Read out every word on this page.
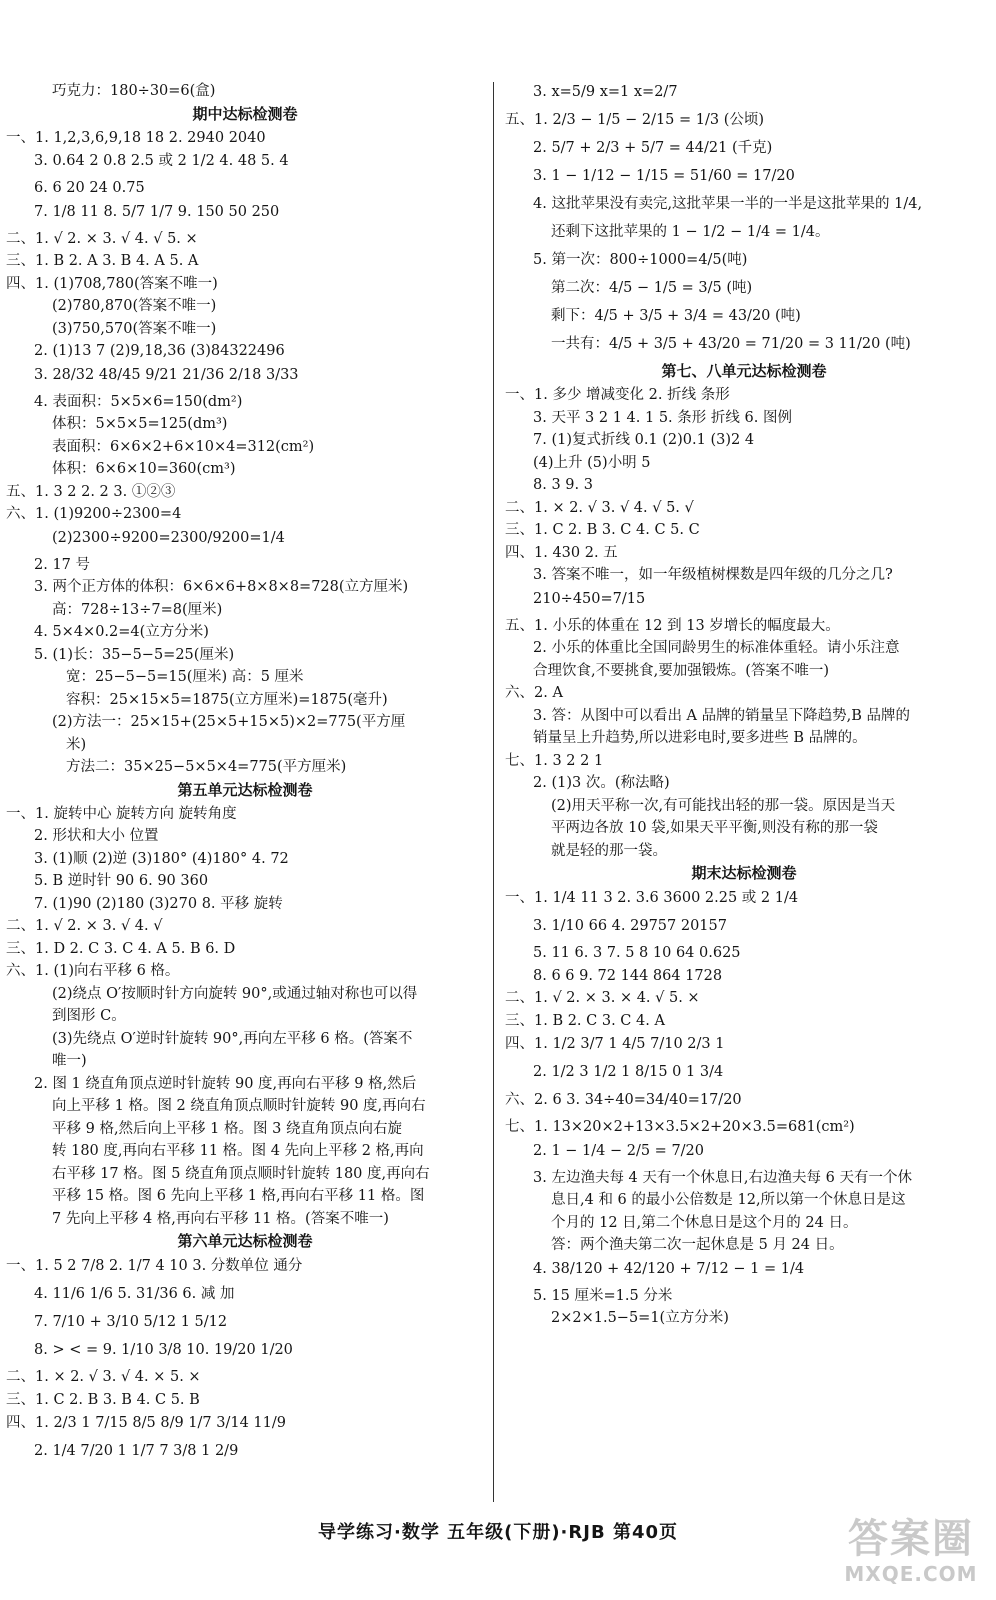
巧克力：180÷30=6(盒)
期中达标检测卷
一、1. 1,2,3,6,9,18 18 2. 2940 2040
3. 0.64 2 0.8 2.5 或 2 1/2 4. 48 5. 4
6. 6 20 24 0.75
7. 1/8 11 8. 5/7 1/7 9. 150 50 250
二、1. √ 2. × 3. √ 4. √ 5. ×
三、1. B 2. A 3. B 4. A 5. A
四、1. (1)708,780(答案不唯一)
(2)780,870(答案不唯一)
(3)750,570(答案不唯一)
2. (1)13 7 (2)9,18,36 (3)84322496
3. 28/32 48/45 9/21 21/36 2/18 3/33
4. 表面积：5×5×6=150(dm²)
体积：5×5×5=125(dm³)
表面积：6×6×2+6×10×4=312(cm²)
体积：6×6×10=360(cm³)
五、1. 3 2 2. 2 3. ①②③
六、1. (1)9200÷2300=4
(2)2300÷9200=2300/9200=1/4
2. 17 号
3. 两个正方体的体积：6×6×6+8×8×8=728(立方厘米)
高：728÷13÷7=8(厘米)
4. 5×4×0.2=4(立方分米)
5. (1)长：35−5−5=25(厘米)
宽：25−5−5=15(厘米) 高：5 厘米
容积：25×15×5=1875(立方厘米)=1875(毫升)
(2)方法一：25×15+(25×5+15×5)×2=775(平方厘
米)
方法二：35×25−5×5×4=775(平方厘米)
第五单元达标检测卷
一、1. 旋转中心 旋转方向 旋转角度
2. 形状和大小 位置
3. (1)顺 (2)逆 (3)180° (4)180° 4. 72
5. B 逆时针 90 6. 90 360
7. (1)90 (2)180 (3)270 8. 平移 旋转
二、1. √ 2. × 3. √ 4. √
三、1. D 2. C 3. C 4. A 5. B 6. D
六、1. (1)向右平移 6 格。
(2)绕点 O′按顺时针方向旋转 90°,或通过轴对称也可以得
到图形 C。
(3)先绕点 O′逆时针旋转 90°,再向左平移 6 格。(答案不
唯一)
2. 图 1 绕直角顶点逆时针旋转 90 度,再向右平移 9 格,然后
向上平移 1 格。图 2 绕直角顶点顺时针旋转 90 度,再向右
平移 9 格,然后向上平移 1 格。图 3 绕直角顶点向右旋
转 180 度,再向右平移 11 格。图 4 先向上平移 2 格,再向
右平移 17 格。图 5 绕直角顶点顺时针旋转 180 度,再向右
平移 15 格。图 6 先向上平移 1 格,再向右平移 11 格。图
7 先向上平移 4 格,再向右平移 11 格。(答案不唯一)
第六单元达标检测卷
一、1. 5 2 7/8 2. 1/7 4 10 3. 分数单位 通分
4. 11/6 1/6 5. 31/36 6. 减 加
7. 7/10 + 3/10 5/12 1 5/12
8. > < = 9. 1/10 3/8 10. 19/20 1/20
二、1. × 2. √ 3. √ 4. × 5. ×
三、1. C 2. B 3. B 4. C 5. B
四、1. 2/3 1 7/15 8/5 8/9 1/7 3/14 11/9
2. 1/4 7/20 1 1/7 7 3/8 1 2/9
3. x=5/9 x=1 x=2/7
五、1. 2/3 − 1/5 − 2/15 = 1/3 (公顷)
2. 5/7 + 2/3 + 5/7 = 44/21 (千克)
3. 1 − 1/12 − 1/15 = 51/60 = 17/20
4. 这批苹果没有卖完,这批苹果一半的一半是这批苹果的 1/4,
还剩下这批苹果的 1 − 1/2 − 1/4 = 1/4。
5. 第一次：800÷1000=4/5(吨)
第二次：4/5 − 1/5 = 3/5 (吨)
剩下：4/5 + 3/5 + 3/4 = 43/20 (吨)
一共有：4/5 + 3/5 + 43/20 = 71/20 = 3 11/20 (吨)
第七、八单元达标检测卷
一、1. 多少 增减变化 2. 折线 条形
3. 天平 3 2 1 4. 1 5. 条形 折线 6. 图例
7. (1)复式折线 0.1 (2)0.1 (3)2 4
(4)上升 (5)小明 5
8. 3 9. 3
二、1. × 2. √ 3. √ 4. √ 5. √
三、1. C 2. B 3. C 4. C 5. C
四、1. 430 2. 五
3. 答案不唯一，如一年级植树棵数是四年级的几分之几?
210÷450=7/15
五、1. 小乐的体重在 12 到 13 岁增长的幅度最大。
2. 小乐的体重比全国同龄男生的标准体重轻。请小乐注意
合理饮食,不要挑食,要加强锻炼。(答案不唯一)
六、2. A
3. 答：从图中可以看出 A 品牌的销量呈下降趋势,B 品牌的
销量呈上升趋势,所以进彩电时,要多进些 B 品牌的。
七、1. 3 2 2 1
2. (1)3 次。(称法略)
(2)用天平称一次,有可能找出轻的那一袋。原因是当天
平两边各放 10 袋,如果天平平衡,则没有称的那一袋
就是轻的那一袋。
期末达标检测卷
一、1. 1/4 11 3 2. 3.6 3600 2.25 或 2 1/4
3. 1/10 66 4. 29757 20157
5. 11 6. 3 7. 5 8 10 64 0.625
8. 6 6 9. 72 144 864 1728
二、1. √ 2. × 3. × 4. √ 5. ×
三、1. B 2. C 3. C 4. A
四、1. 1/2 3/7 1 4/5 7/10 2/3 1
2. 1/2 3 1/2 1 8/15 0 1 3/4
六、2. 6 3. 34÷40=34/40=17/20
七、1. 13×20×2+13×3.5×2+20×3.5=681(cm²)
2. 1 − 1/4 − 2/5 = 7/20
3. 左边渔夫每 4 天有一个休息日,右边渔夫每 6 天有一个休
息日,4 和 6 的最小公倍数是 12,所以第一个休息日是这
个月的 12 日,第二个休息日是这个月的 24 日。
答：两个渔夫第二次一起休息是 5 月 24 日。
4. 38/120 + 42/120 + 7/12 − 1 = 1/4
5. 15 厘米=1.5 分米
2×2×1.5−5=1(立方分米)
导学练习·数学 五年级(下册)·RJB 第40页	答案圈
MXQE.COM
